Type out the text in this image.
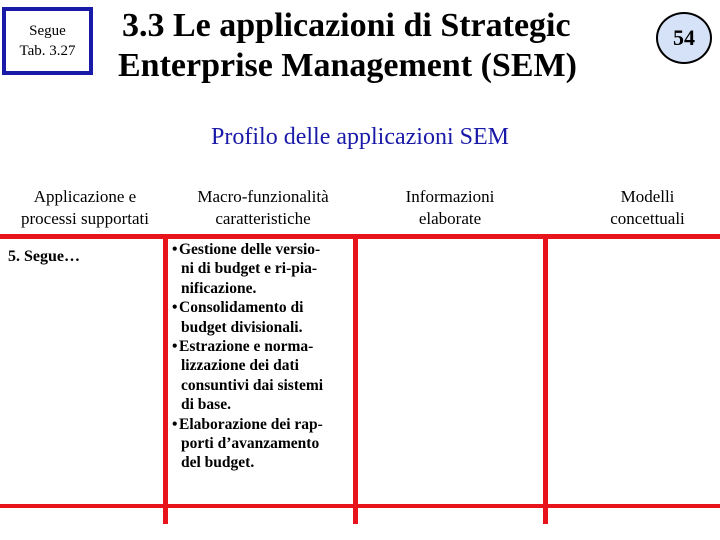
Segue
Tab. 3.27
3.3 Le applicazioni di Strategic
Enterprise Management (SEM)
54
Profilo delle applicazioni SEM
Applicazione e
processi supportati
Macro-funzionalità
caratteristiche
Informazioni
elaborate
Modelli
concettuali
5. Segue…	• Gestione delle versio-
ni di budget e ri-pia-
nificazione.
• Consolidamento di
budget divisionali.
• Estrazione e norma-
lizzazione dei dati
consuntivi dai sistemi
di base.
• Elaborazione dei rap-
porti d’avanzamento
del budget.
